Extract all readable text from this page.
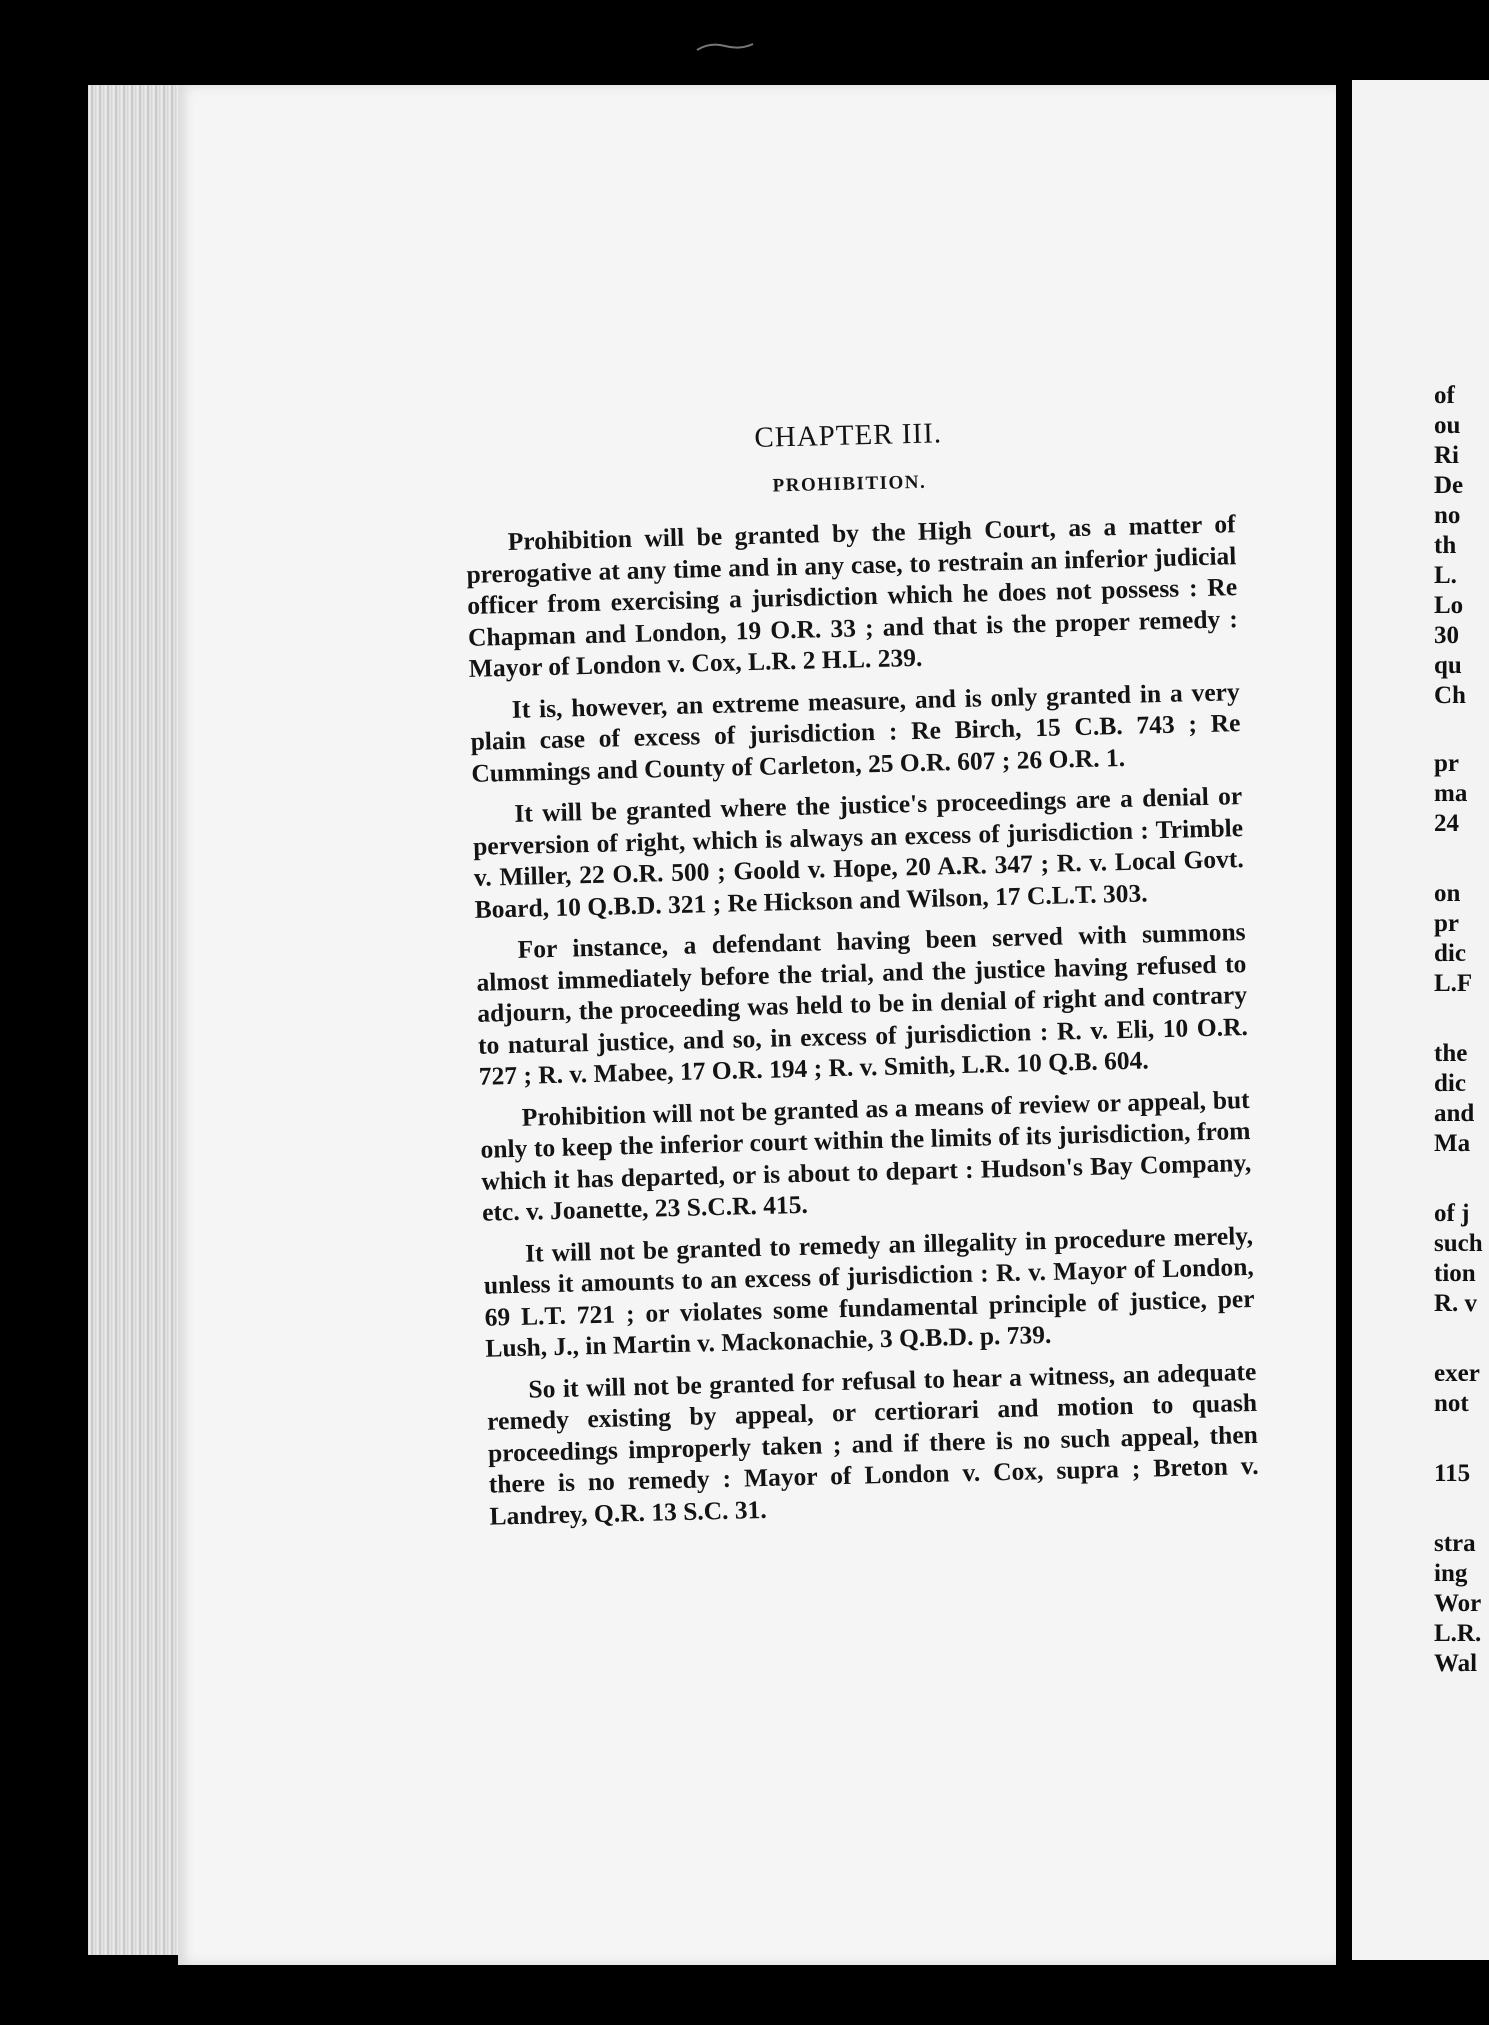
CHAPTER III.
PROHIBITION.

Prohibition will be granted by the High Court, as a matter of prerogative at any time and in any case, to restrain an inferior judicial officer from exercising a jurisdiction which he does not possess : Re Chapman and London, 19 O.R. 33 ; and that is the proper remedy : Mayor of London v. Cox, L.R. 2 H.L. 239.

It is, however, an extreme measure, and is only granted in a very plain case of excess of jurisdiction : Re Birch, 15 C.B. 743 ; Re Cummings and County of Carleton, 25 O.R. 607 ; 26 O.R. 1.

It will be granted where the justice's proceedings are a denial or perversion of right, which is always an excess of jurisdiction : Trimble v. Miller, 22 O.R. 500 ; Goold v. Hope, 20 A.R. 347 ; R. v. Local Govt. Board, 10 Q.B.D. 321 ; Re Hickson and Wilson, 17 C.L.T. 303.

For instance, a defendant having been served with summons almost immediately before the trial, and the justice having refused to adjourn, the proceeding was held to be in denial of right and contrary to natural justice, and so, in excess of jurisdiction : R. v. Eli, 10 O.R. 727 ; R. v. Mabee, 17 O.R. 194 ; R. v. Smith, L.R. 10 Q.B. 604.

Prohibition will not be granted as a means of review or appeal, but only to keep the inferior court within the limits of its jurisdiction, from which it has departed, or is about to depart : Hudson's Bay Company, etc. v. Joanette, 23 S.C.R. 415.

It will not be granted to remedy an illegality in procedure merely, unless it amounts to an excess of jurisdiction : R. v. Mayor of London, 69 L.T. 721 ; or violates some fundamental principle of justice, per Lush, J., in Martin v. Mackonachie, 3 Q.B.D. p. 739.

So it will not be granted for refusal to hear a witness, an adequate remedy existing by appeal, or certiorari and motion to quash proceedings improperly taken ; and if there is no such appeal, then there is no remedy : Mayor of London v. Cox, supra ; Breton v. Landrey, Q.R. 13 S.C. 31.

of
ou
Ri
De
no
th
L.
Lo
30
qu
Ch
pr
ma
24
on
pr
dic
L.F
the
dic
and
Ma
of j
such
tion
R. v
exer
not
115
stra
ing
Wor
L.R.
Wal
